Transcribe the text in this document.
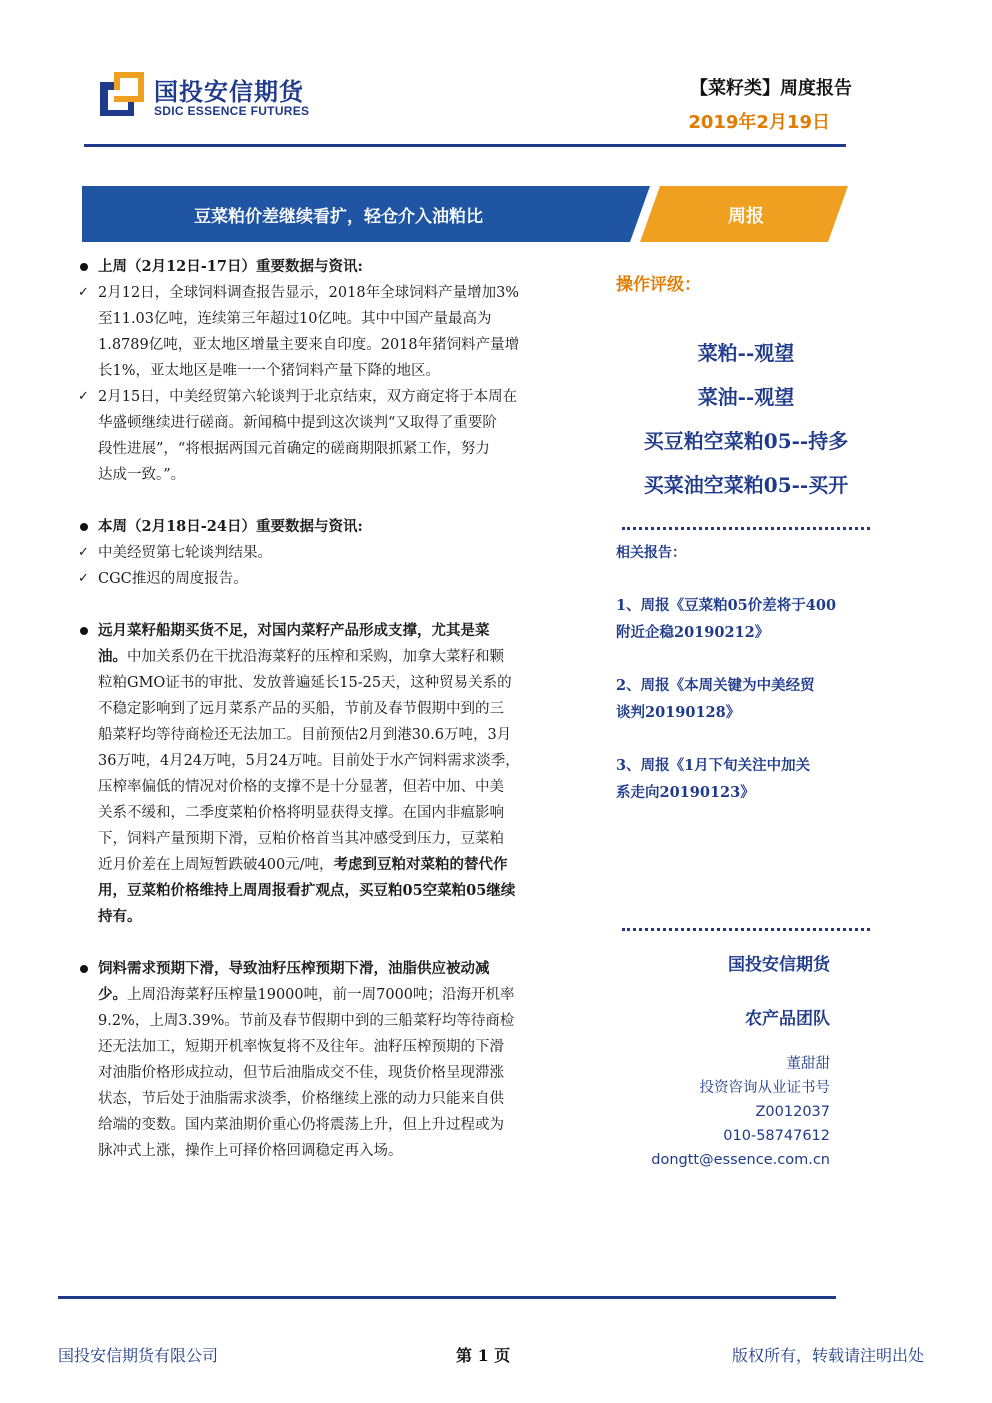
国投安信期货
SDIC ESSENCE FUTURES
【菜籽类】周度报告
2019年2月19日
豆菜粕价差继续看扩，轻仓介入油粕比	周报
上周（2月12日-17日）重要数据与资讯:
✓ 2月12日，全球饲料调查报告显示，2018年全球饲料产量增加3%
至11.03亿吨，连续第三年超过10亿吨。其中中国产量最高为
1.8789亿吨，亚太地区增量主要来自印度。2018年猪饲料产量增
长1%，亚太地区是唯一一个猪饲料产量下降的地区。
✓ 2月15日，中美经贸第六轮谈判于北京结束，双方商定将于本周在
华盛顿继续进行磋商。新闻稿中提到这次谈判“又取得了重要阶
段性进展”，“将根据两国元首确定的磋商期限抓紧工作，努力
达成一致。”。
本周（2月18日-24日）重要数据与资讯:
✓ 中美经贸第七轮谈判结果。
✓ CGC推迟的周度报告。
远月菜籽船期买货不足，对国内菜籽产品形成支撑，尤其是菜
油。中加关系仍在干扰沿海菜籽的压榨和采购，加拿大菜籽和颗
粒粕GMO证书的审批、发放普遍延长15-25天，这种贸易关系的
不稳定影响到了远月菜系产品的买船，节前及春节假期中到的三
船菜籽均等待商检还无法加工。目前预估2月到港30.6万吨，3月
36万吨，4月24万吨，5月24万吨。目前处于水产饲料需求淡季，
压榨率偏低的情况对价格的支撑不是十分显著，但若中加、中美
关系不缓和，二季度菜粕价格将明显获得支撑。在国内非瘟影响
下，饲料产量预期下滑，豆粕价格首当其冲感受到压力，豆菜粕
近月价差在上周短暂跌破400元/吨，考虑到豆粕对菜粕的替代作
用，豆菜粕价格维持上周周报看扩观点，买豆粕05空菜粕05继续
持有。
饲料需求预期下滑，导致油籽压榨预期下滑，油脂供应被动减
少。上周沿海菜籽压榨量19000吨，前一周7000吨；沿海开机率
9.2%，上周3.39%。节前及春节假期中到的三船菜籽均等待商检
还无法加工，短期开机率恢复将不及往年。油籽压榨预期的下滑
对油脂价格形成拉动，但节后油脂成交不佳，现货价格呈现滞涨
状态，节后处于油脂需求淡季，价格继续上涨的动力只能来自供
给端的变数。国内菜油期价重心仍将震荡上升，但上升过程或为
脉冲式上涨，操作上可择价格回调稳定再入场。
操作评级：
菜粕--观望
菜油--观望
买豆粕空菜粕05--持多
买菜油空菜粕05--买开
相关报告：
1、周报《豆菜粕05价差将于400
附近企稳20190212》
2、周报《本周关键为中美经贸
谈判20190128》
3、周报《1月下旬关注中加关
系走向20190123》
国投安信期货
农产品团队
董甜甜
投资咨询从业证书号
Z0012037
010-58747612
dongtt@essence.com.cn
国投安信期货有限公司	第 1 页	版权所有，转载请注明出处
